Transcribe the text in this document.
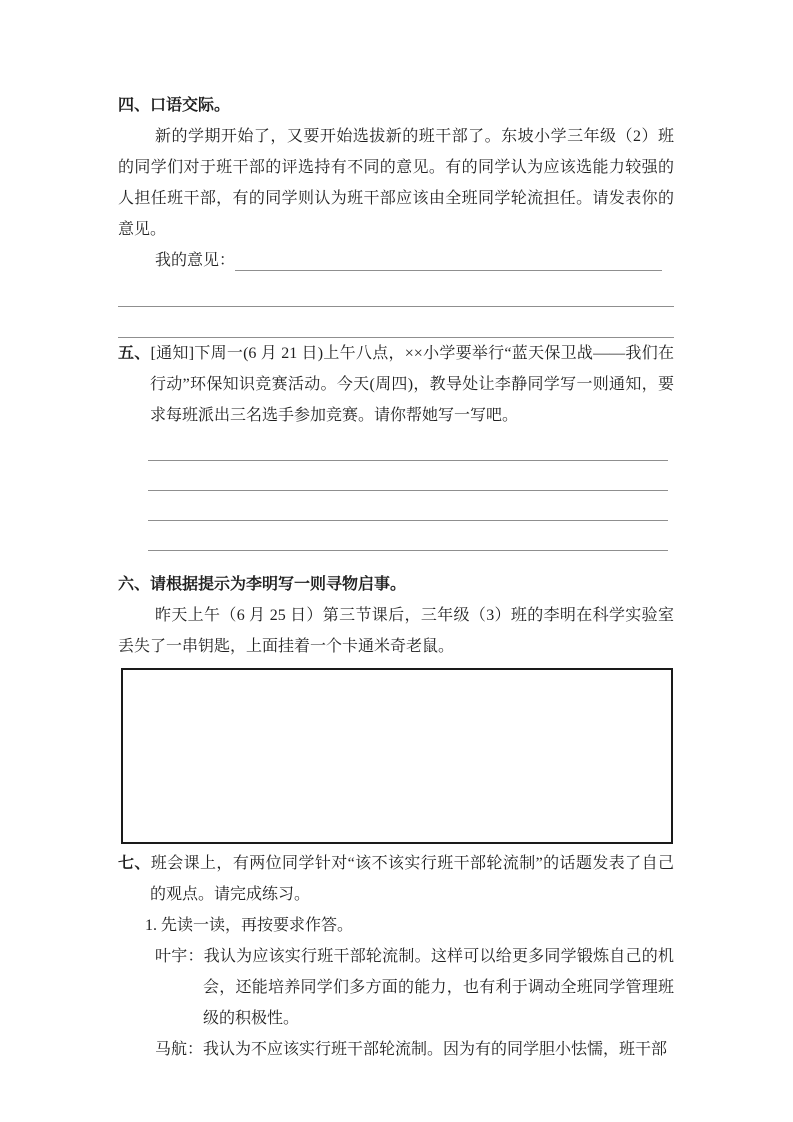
四、口语交际。

新的学期开始了，又要开始选拔新的班干部了。东坡小学三年级（2）班的同学们对于班干部的评选持有不同的意见。有的同学认为应该选能力较强的人担任班干部，有的同学则认为班干部应该由全班同学轮流担任。请发表你的意见。

我的意见：

五、[通知]下周一(6 月 21 日)上午八点，××小学要举行“蓝天保卫战——我们在行动”环保知识竞赛活动。今天(周四)，教导处让李静同学写一则通知，要求每班派出三名选手参加竞赛。请你帮她写一写吧。

六、请根据提示为李明写一则寻物启事。

昨天上午（6 月 25 日）第三节课后，三年级（3）班的李明在科学实验室丢失了一串钥匙，上面挂着一个卡通米奇老鼠。

七、班会课上，有两位同学针对“该不该实行班干部轮流制”的话题发表了自己的观点。请完成练习。

1. 先读一读，再按要求作答。

叶宇：我认为应该实行班干部轮流制。这样可以给更多同学锻炼自己的机会，还能培养同学们多方面的能力，也有利于调动全班同学管理班级的积极性。

马航：我认为不应该实行班干部轮流制。因为有的同学胆小怯懦，班干部
